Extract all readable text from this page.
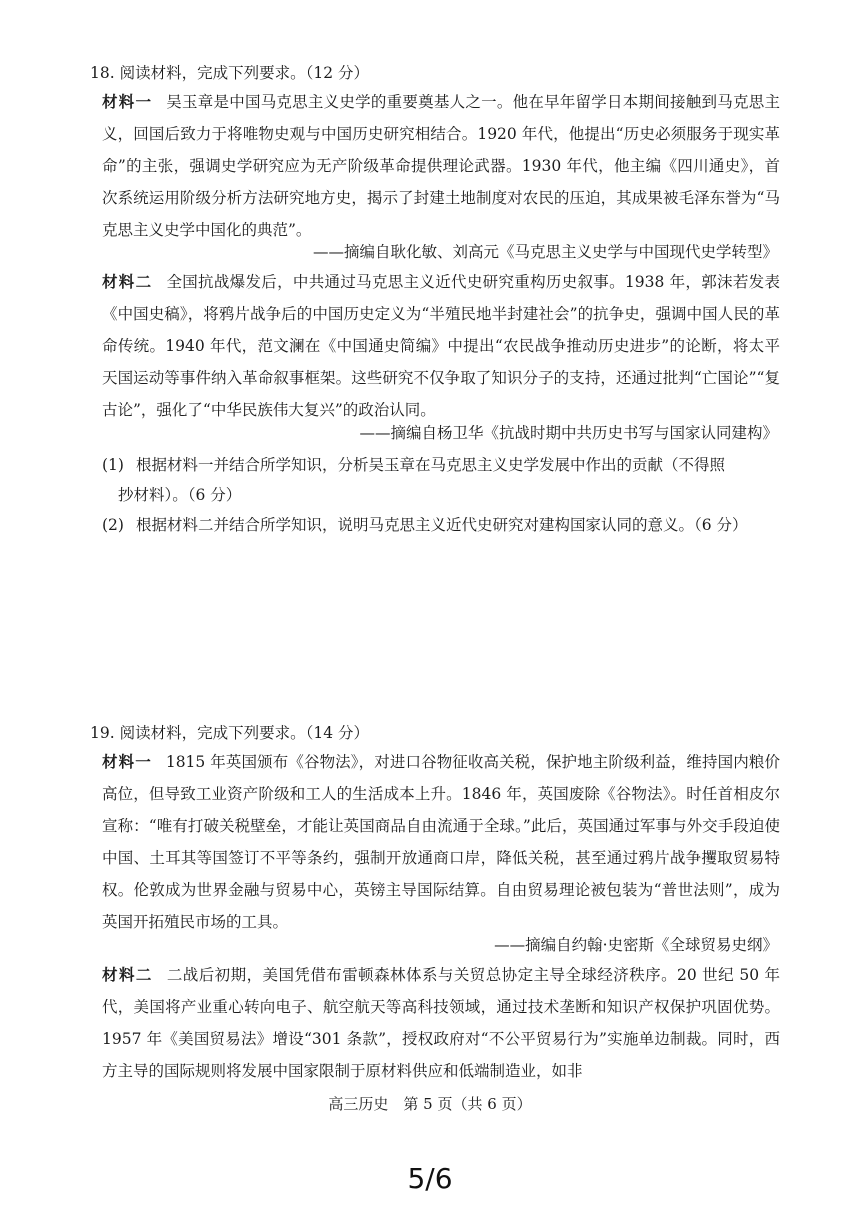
18. 阅读材料，完成下列要求。（12 分）
材料一 吴玉章是中国马克思主义史学的重要奠基人之一。他在早年留学日本期间接触到马克思主义，回国后致力于将唯物史观与中国历史研究相结合。1920 年代，他提出“历史必须服务于现实革命”的主张，强调史学研究应为无产阶级革命提供理论武器。1930 年代，他主编《四川通史》，首次系统运用阶级分析方法研究地方史，揭示了封建土地制度对农民的压迫，其成果被毛泽东誉为“马克思主义史学中国化的典范”。
——摘编自耿化敏、刘高元《马克思主义史学与中国现代史学转型》
材料二 全国抗战爆发后，中共通过马克思主义近代史研究重构历史叙事。1938 年，郭沫若发表《中国史稿》，将鸦片战争后的中国历史定义为“半殖民地半封建社会”的抗争史，强调中国人民的革命传统。1940 年代，范文澜在《中国通史简编》中提出“农民战争推动历史进步”的论断，将太平天国运动等事件纳入革命叙事框架。这些研究不仅争取了知识分子的支持，还通过批判“亡国论”“复古论”，强化了“中华民族伟大复兴”的政治认同。
——摘编自杨卫华《抗战时期中共历史书写与国家认同建构》
(1) 根据材料一并结合所学知识，分析吴玉章在马克思主义史学发展中作出的贡献（不得照
抄材料）。（6 分）
(2) 根据材料二并结合所学知识，说明马克思主义近代史研究对建构国家认同的意义。（6 分）
19. 阅读材料，完成下列要求。（14 分）
材料一 1815 年英国颁布《谷物法》，对进口谷物征收高关税，保护地主阶级利益，维持国内粮价高位，但导致工业资产阶级和工人的生活成本上升。1846 年，英国废除《谷物法》。时任首相皮尔宣称：“唯有打破关税壁垒，才能让英国商品自由流通于全球。”此后，英国通过军事与外交手段迫使中国、土耳其等国签订不平等条约，强制开放通商口岸，降低关税，甚至通过鸦片战争攫取贸易特权。伦敦成为世界金融与贸易中心，英镑主导国际结算。自由贸易理论被包装为“普世法则”，成为英国开拓殖民市场的工具。
——摘编自约翰·史密斯《全球贸易史纲》
材料二 二战后初期，美国凭借布雷顿森林体系与关贸总协定主导全球经济秩序。20 世纪 50 年代，美国将产业重心转向电子、航空航天等高科技领域，通过技术垄断和知识产权保护巩固优势。1957 年《美国贸易法》增设“301 条款”，授权政府对“不公平贸易行为”实施单边制裁。同时，西方主导的国际规则将发展中国家限制于原材料供应和低端制造业，如非
高三历史　第 5 页（共 6 页）
5/6
